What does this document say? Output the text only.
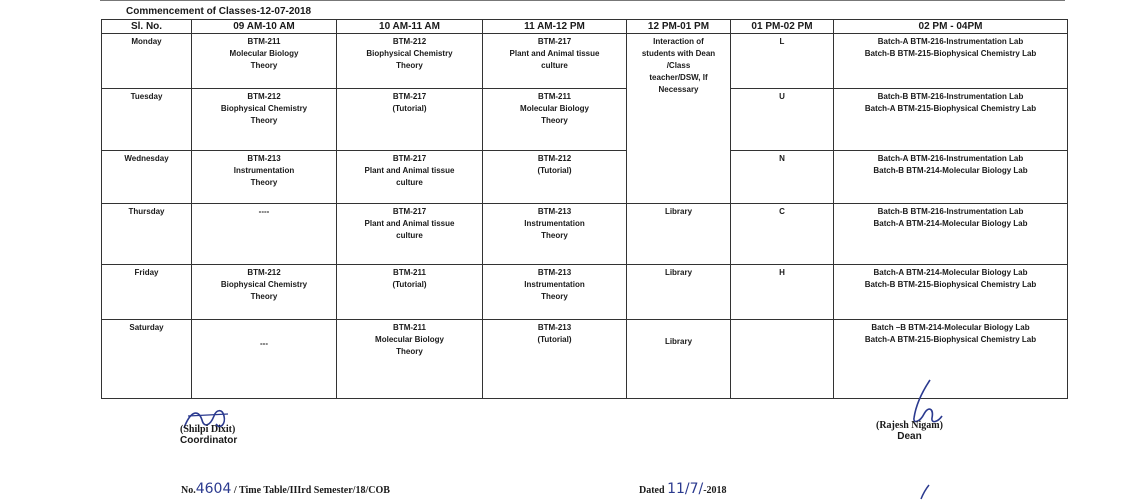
Commencement of Classes-12-07-2018
Sl. No.	09 AM-10 AM	10 AM-11 AM	11 AM-12 PM	12 PM-01 PM	01 PM-02 PM	02 PM - 04PM
Monday	BTM-211
Molecular Biology
Theory	BTM-212
Biophysical Chemistry
Theory	BTM-217
Plant and Animal tissue
culture	Interaction of
students with Dean
/Class
teacher/DSW, If
Necessary	L	Batch-A BTM-216-Instrumentation Lab
Batch-B BTM-215-Biophysical Chemistry Lab

Tuesday	BTM-212
Biophysical Chemistry
Theory	BTM-217
(Tutorial)	BTM-211
Molecular Biology
Theory		U	Batch-B BTM-216-Instrumentation Lab
Batch-A BTM-215-Biophysical Chemistry Lab

Wednesday	BTM-213
Instrumentation
Theory	BTM-217
Plant and Animal tissue
culture	BTM-212
(Tutorial)		N	Batch-A BTM-216-Instrumentation Lab
Batch-B BTM-214-Molecular Biology Lab

Thursday	----	BTM-217
Plant and Animal tissue
culture	BTM-213
Instrumentation
Theory	Library	C	Batch-B BTM-216-Instrumentation Lab
Batch-A BTM-214-Molecular Biology Lab

Friday	BTM-212
Biophysical Chemistry
Theory	BTM-211
(Tutorial)	BTM-213
Instrumentation
Theory	Library	H	Batch-A BTM-214-Molecular Biology Lab
Batch-B BTM-215-Biophysical Chemistry Lab

Saturday	---	BTM-211
Molecular Biology
Theory	BTM-213
(Tutorial)	Library		Batch –B BTM-214-Molecular Biology Lab
Batch-A BTM-215-Biophysical Chemistry Lab
(Shilpi Dixit)
Coordinator
(Rajesh Nigam)
Dean
No.4604 / Time Table/IIIrd Semester/18/COB	Dated 11/7/-2018
